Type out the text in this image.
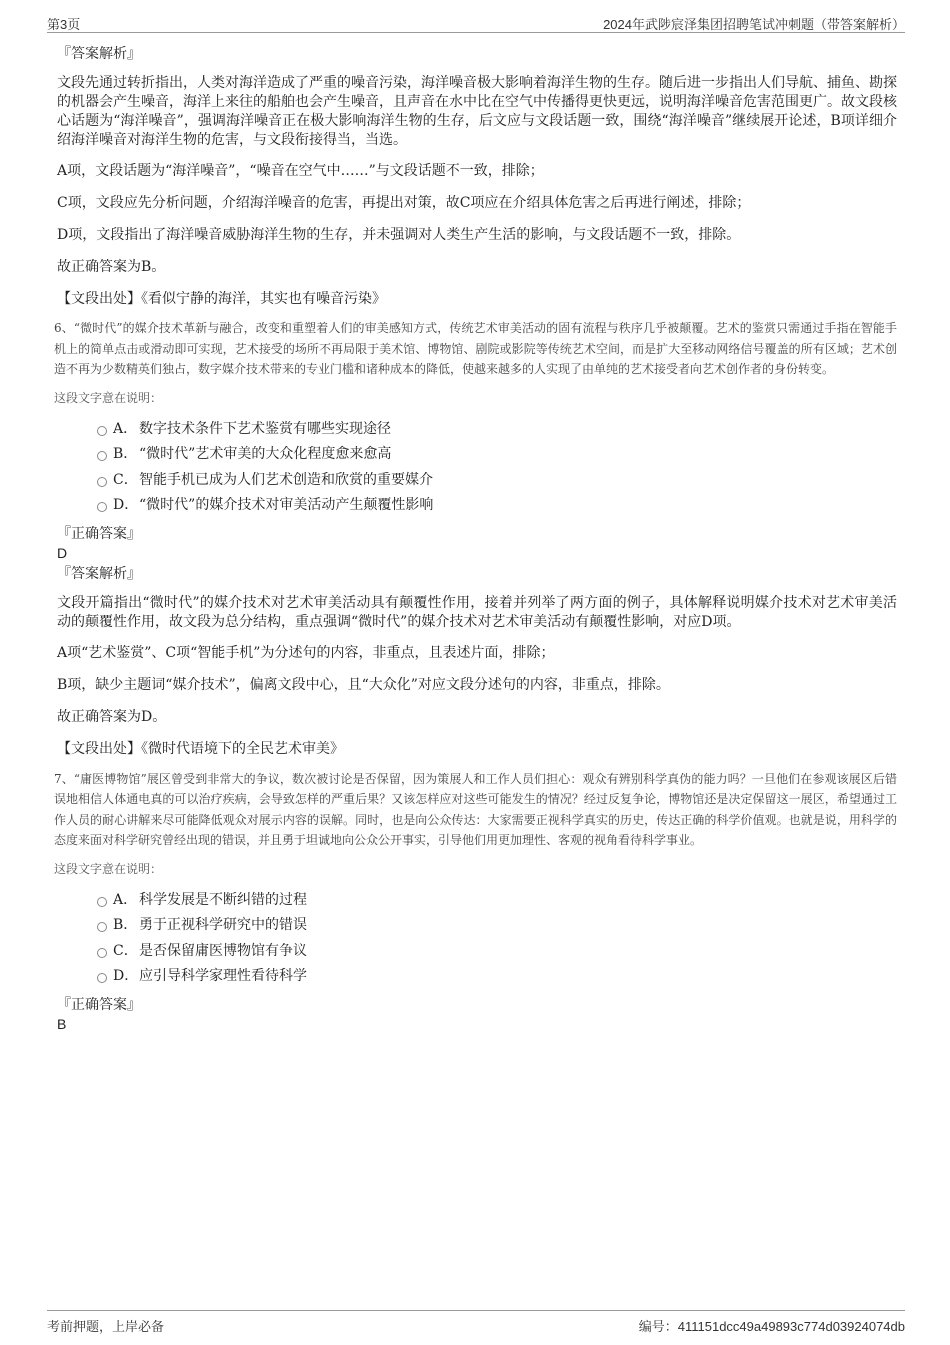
第3页	2024年武陟宸泽集团招聘笔试冲刺题（带答案解析）

『答案解析』

文段先通过转折指出，人类对海洋造成了严重的噪音污染，海洋噪音极大影响着海洋生物的生存。随后进一步指出人们导航、捕鱼、勘探的机器会产生噪音，海洋上来往的船舶也会产生噪音，且声音在水中比在空气中传播得更快更远，说明海洋噪音危害范围更广。故文段核心话题为“海洋噪音”，强调海洋噪音正在极大影响海洋生物的生存，后文应与文段话题一致，围绕“海洋噪音”继续展开论述，B项详细介绍海洋噪音对海洋生物的危害，与文段衔接得当，当选。

A项，文段话题为“海洋噪音”，“噪音在空气中……”与文段话题不一致，排除；

C项，文段应先分析问题，介绍海洋噪音的危害，再提出对策，故C项应在介绍具体危害之后再进行阐述，排除；

D项，文段指出了海洋噪音威胁海洋生物的生存，并未强调对人类生产生活的影响，与文段话题不一致，排除。

故正确答案为B。

【文段出处】《看似宁静的海洋，其实也有噪音污染》

6、“微时代”的媒介技术革新与融合，改变和重塑着人们的审美感知方式，传统艺术审美活动的固有流程与秩序几乎被颠覆。艺术的鉴赏只需通过手指在智能手机上的简单点击或滑动即可实现，艺术接受的场所不再局限于美术馆、博物馆、剧院或影院等传统艺术空间，而是扩大至移动网络信号覆盖的所有区域；艺术创造不再为少数精英们独占，数字媒介技术带来的专业门槛和诸种成本的降低，使越来越多的人实现了由单纯的艺术接受者向艺术创作者的身份转变。

这段文字意在说明：

A． 数字技术条件下艺术鉴赏有哪些实现途径
B． “微时代”艺术审美的大众化程度愈来愈高
C．智能手机已成为人们艺术创造和欣赏的重要媒介
D．“微时代”的媒介技术对审美活动产生颠覆性影响

『正确答案』

D

『答案解析』

文段开篇指出“微时代”的媒介技术对艺术审美活动具有颠覆性作用，接着并列举了两方面的例子，具体解释说明媒介技术对艺术审美活动的颠覆性作用，故文段为总分结构，重点强调“微时代”的媒介技术对艺术审美活动有颠覆性影响，对应D项。

A项“艺术鉴赏”、C项“智能手机”为分述句的内容，非重点，且表述片面，排除；

B项，缺少主题词“媒介技术”，偏离文段中心，且“大众化”对应文段分述句的内容，非重点，排除。

故正确答案为D。

【文段出处】《微时代语境下的全民艺术审美》

7、“庸医博物馆”展区曾受到非常大的争议，数次被讨论是否保留，因为策展人和工作人员们担心：观众有辨别科学真伪的能力吗？一旦他们在参观该展区后错误地相信人体通电真的可以治疗疾病，会导致怎样的严重后果？又该怎样应对这些可能发生的情况？经过反复争论，博物馆还是决定保留这一展区，希望通过工作人员的耐心讲解来尽可能降低观众对展示内容的误解。同时，也是向公众传达：大家需要正视科学真实的历史，传达正确的科学价值观。也就是说，用科学的态度来面对科学研究曾经出现的错误，并且勇于坦诚地向公众公开事实，引导他们用更加理性、客观的视角看待科学事业。

这段文字意在说明：

A． 科学发展是不断纠错的过程
B． 勇于正视科学研究中的错误
C．是否保留庸医博物馆有争议
D．应引导科学家理性看待科学

『正确答案』

B

考前押题，上岸必备	编号：411151dcc49a49893c774d03924074db
